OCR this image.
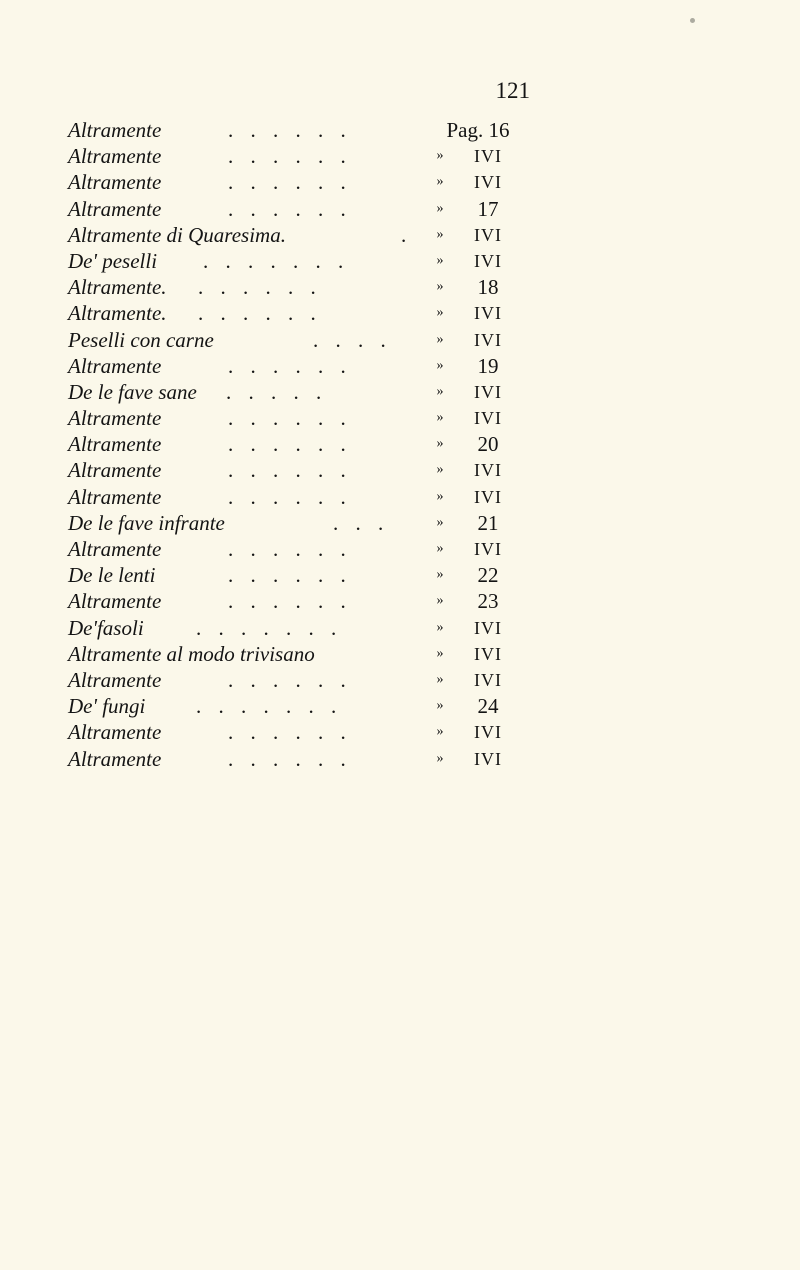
121
Altramente	. . . . . .	Pag. 16
Altramente	. . . . . .	»	IVI
Altramente	. . . . . .	»	IVI
Altramente	. . . . . .	»	17
Altramente di Quaresima.	.	»	IVI
De' peselli . . . . . . .	»	IVI
Altramente. . . . . . .	»	18
Altramente. . . . . . .	»	IVI
Peselli con carne	. . . .	»	IVI
Altramente	. . . . . .	»	19
De le fave sane . . . . .	»	IVI
Altramente	. . . . . .	»	IVI
Altramente	. . . . . .	»	20
Altramente	. . . . . .	»	IVI
Altramente	. . . . . .	»	IVI
De le fave infrante	. . .	»	21
Altramente	. . . . . .	»	IVI
De le lenti	. . . . . .	»	22
Altramente	. . . . . .	»	23
De'fasoli . . . . . . .	»	IVI
Altramente al modo trivisano	»	IVI
Altramente	. . . . . .	»	IVI
De' fungi . . . . . . .	»	24
Altramente	. . . . . .	»	IVI
Altramente	. . . . . .	»	IVI
